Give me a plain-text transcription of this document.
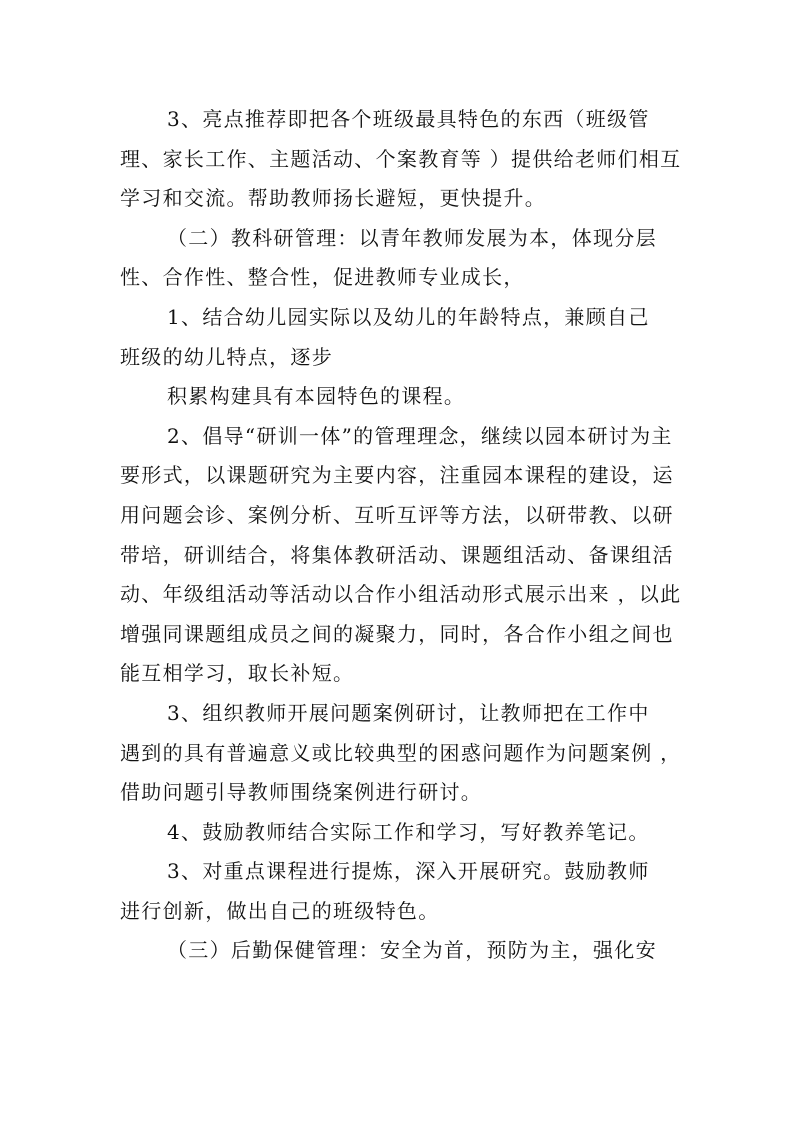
3、亮点推荐即把各个班级最具特色的东西（班级管
理、家长工作、主题活动、个案教育等 ）提供给老师们相互
学习和交流。帮助教师扬长避短，更快提升。

（二）教科研管理：以青年教师发展为本，体现分层
性、合作性、整合性，促进教师专业成长，

1、结合幼儿园实际以及幼儿的年龄特点，兼顾自己
班级的幼儿特点，逐步

积累构建具有本园特色的课程。

2、倡导“研训一体”的管理理念，继续以园本研讨为主
要形式，以课题研究为主要内容，注重园本课程的建设，运
用问题会诊、案例分析、互听互评等方法，以研带教、以研
带培，研训结合，将集体教研活动、课题组活动、备课组活
动、年级组活动等活动以合作小组活动形式展示出来 ，以此
增强同课题组成员之间的凝聚力，同时，各合作小组之间也
能互相学习，取长补短。

3、组织教师开展问题案例研讨，让教师把在工作中
遇到的具有普遍意义或比较典型的困惑问题作为问题案例 ，
借助问题引导教师围绕案例进行研讨。

4、鼓励教师结合实际工作和学习，写好教养笔记。

3、对重点课程进行提炼，深入开展研究。鼓励教师
进行创新，做出自己的班级特色。

（三）后勤保健管理：安全为首，预防为主，强化安
